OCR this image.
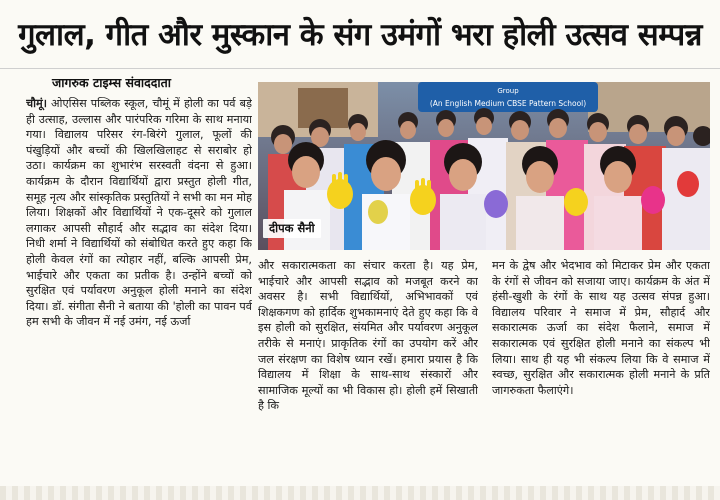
गुलाल, गीत और मुस्कान के संग उमंगों भरा होली उत्सव सम्पन्न
जागरुक टाइम्स संवाददाता

चौमूं। ओएसिस पब्लिक स्कूल, चौमूं में होली का पर्व बड़े ही उत्साह, उल्लास और पारंपरिक गरिमा के साथ मनाया गया। विद्यालय परिसर रंग-बिरंगे गुलाल, फूलों की पंखुड़ियों और बच्चों की खिलखिलाहट से सराबोर हो उठा। कार्यक्रम का शुभारंभ सरस्वती वंदना से हुआ। कार्यक्रम के दौरान विद्यार्थियों द्वारा प्रस्तुत होली गीत, समूह नृत्य और सांस्कृतिक प्रस्तुतियों ने सभी का मन मोह लिया। शिक्षकों और विद्यार्थियों ने एक-दूसरे को गुलाल लगाकर आपसी सौहार्द और सद्भाव का संदेश दिया। निधी शर्मा ने विद्यार्थियों को संबोधित करते हुए कहा कि होली केवल रंगों का त्योहार नहीं, बल्कि आपसी प्रेम, भाईचारे और एकता का प्रतीक है। उन्होंने बच्चों को सुरक्षित एवं पर्यावरण अनुकूल होली मनाने का संदेश दिया। डॉ. संगीता सैनी ने बताया की 'होली का पावन पर्व हम सभी के जीवन में नई उमंग, नई ऊर्जा

Group
(An English Medium CBSE Pattern School)
दीपक सैनी

और सकारात्मकता का संचार करता है। यह प्रेम, भाईचारे और आपसी सद्भाव को मजबूत करने का अवसर है। सभी विद्यार्थियों, अभिभावकों एवं शिक्षकगण को हार्दिक शुभकामनाएं देते हुए कहा कि वे इस होली को सुरक्षित, संयमित और पर्यावरण अनुकूल तरीके से मनाएं। प्राकृतिक रंगों का उपयोग करें और जल संरक्षण का विशेष ध्यान रखें। हमारा प्रयास है कि विद्यालय में शिक्षा के साथ-साथ संस्कारों और सामाजिक मूल्यों का भी विकास हो। होली हमें सिखाती है कि

मन के द्वेष और भेदभाव को मिटाकर प्रेम और एकता के रंगों से जीवन को सजाया जाए। कार्यक्रम के अंत में हंसी-खुशी के रंगों के साथ यह उत्सव संपन्न हुआ। विद्यालय परिवार ने समाज में प्रेम, सौहार्द और सकारात्मक ऊर्जा का संदेश फैलाने, समाज में सकारात्मक एवं सुरक्षित होली मनाने का संकल्प भी लिया। साथ ही यह भी संकल्प लिया कि वे समाज में स्वच्छ, सुरक्षित और सकारात्मक होली मनाने के प्रति जागरुकता फैलाएंगे।
